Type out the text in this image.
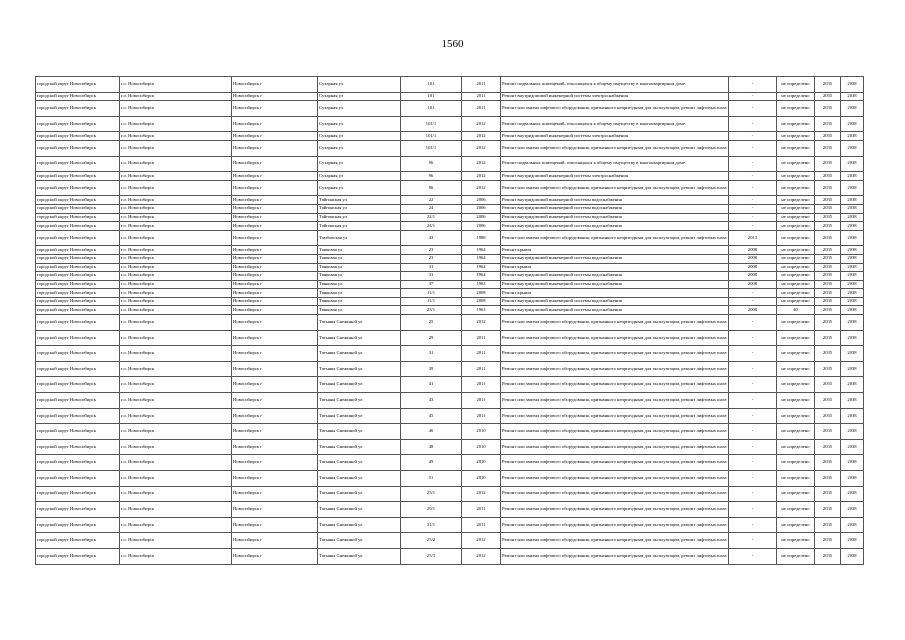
1560
городской округ Новосибирск	г.о. Новосибирск	Новосибирск г	Сухарная ул	101	2011	Ремонт подвальных помещений, относящихся к общему имуществу в многоквартирном доме	-	не определено	2035	2038
городской округ Новосибирск	г.о. Новосибирск	Новосибирск г	Сухарная ул	101	2011	Ремонт внутридомовой инженерной системы электроснабжения	-	не определено	2035	2038
городской округ Новосибирск	г.о. Новосибирск	Новосибирск г	Сухарная ул	101	2011	Ремонт или замена лифтового оборудования, признанного непригодным для эксплуатации, ремонт лифтовых шахт	-	не определено	2035	2038
городской округ Новосибирск	г.о. Новосибирск	Новосибирск г	Сухарная ул	101/1	2012	Ремонт подвальных помещений, относящихся к общему имуществу в многоквартирном доме	-	не определено	2035	2038
городской округ Новосибирск	г.о. Новосибирск	Новосибирск г	Сухарная ул	101/1	2012	Ремонт внутридомовой инженерной системы электроснабжения	-	не определено	2035	2038
городской округ Новосибирск	г.о. Новосибирск	Новосибирск г	Сухарная ул	101/1	2012	Ремонт или замена лифтового оборудования, признанного непригодным для эксплуатации, ремонт лифтовых шахт	-	не определено	2035	2038
городской округ Новосибирск	г.о. Новосибирск	Новосибирск г	Сухарная ул	96	2012	Ремонт подвальных помещений, относящихся к общему имуществу в многоквартирном доме	-	не определено	2035	2038
городской округ Новосибирск	г.о. Новосибирск	Новосибирск г	Сухарная ул	96	2012	Ремонт внутридомовой инженерной системы электроснабжения	-	не определено	2035	2038
городской округ Новосибирск	г.о. Новосибирск	Новосибирск г	Сухарная ул	96	2012	Ремонт или замена лифтового оборудования, признанного непригодным для эксплуатации, ремонт лифтовых шахт	-	не определено	2035	2038
городской округ Новосибирск	г.о. Новосибирск	Новосибирск г	Тайгинская ул	22	2006	Ремонт внутридомовой инженерной системы водоснабжения	-	не определено	2035	2038
городской округ Новосибирск	г.о. Новосибирск	Новосибирск г	Тайгинская ул	24	2006	Ремонт внутридомовой инженерной системы водоснабжения	-	не определено	2035	2038
городской округ Новосибирск	г.о. Новосибирск	Новосибирск г	Тайгинская ул	22/1	2006	Ремонт внутридомовой инженерной системы водоснабжения	-	не определено	2035	2038
городской округ Новосибирск	г.о. Новосибирск	Новосибирск г	Тайгинская ул	24/1	2006	Ремонт внутридомовой инженерной системы водоснабжения	-	не определено	2035	2038
городской округ Новосибирск	г.о. Новосибирск	Новосибирск г	Тамбовская ул	43	1988	Ремонт или замена лифтового оборудования, признанного непригодным для эксплуатации, ремонт лифтовых шахт	2013	не определено	2035	2038
городской округ Новосибирск	г.о. Новосибирск	Новосибирск г	Танковая ул	23	1964	Ремонт крыши	2008	не определено	2035	2038
городской округ Новосибирск	г.о. Новосибирск	Новосибирск г	Танковая ул	23	1964	Ремонт внутридомовой инженерной системы водоснабжения	2008	не определено	2035	2038
городской округ Новосибирск	г.о. Новосибирск	Новосибирск г	Танковая ул	31	1964	Ремонт крыши	2008	не определено	2035	2038
городской округ Новосибирск	г.о. Новосибирск	Новосибирск г	Танковая ул	31	1964	Ремонт внутридомовой инженерной системы водоснабжения	2008	не определено	2035	2038
городской округ Новосибирск	г.о. Новосибирск	Новосибирск г	Танковая ул	37	1963	Ремонт внутридомовой инженерной системы водоснабжения	2008	не определено	2035	2038
городской округ Новосибирск	г.о. Новосибирск	Новосибирск г	Танковая ул	11/1	2008	Ремонт крыши	-	не определено	2035	2038
городской округ Новосибирск	г.о. Новосибирск	Новосибирск г	Танковая ул	11/1	2008	Ремонт внутридомовой инженерной системы водоснабжения	-	не определено	2035	2038
городской округ Новосибирск	г.о. Новосибирск	Новосибирск г	Танковая ул	23/1	1963	Ремонт внутридомовой инженерной системы водоснабжения	2008	40	2035	2038
городской округ Новосибирск	г.о. Новосибирск	Новосибирск г	Татьяны Снежиной ул	25	2012	Ремонт или замена лифтового оборудования, признанного непригодным для эксплуатации, ремонт лифтовых шахт	-	не определено	2035	2038
городской округ Новосибирск	г.о. Новосибирск	Новосибирск г	Татьяны Снежиной ул	29	2011	Ремонт или замена лифтового оборудования, признанного непригодным для эксплуатации, ремонт лифтовых шахт	-	не определено	2035	2038
городской округ Новосибирск	г.о. Новосибирск	Новосибирск г	Татьяны Снежиной ул	31	2011	Ремонт или замена лифтового оборудования, признанного непригодным для эксплуатации, ремонт лифтовых шахт	-	не определено	2035	2038
городской округ Новосибирск	г.о. Новосибирск	Новосибирск г	Татьяны Снежиной ул	39	2011	Ремонт или замена лифтового оборудования, признанного непригодным для эксплуатации, ремонт лифтовых шахт	-	не определено	2035	2038
городской округ Новосибирск	г.о. Новосибирск	Новосибирск г	Татьяны Снежиной ул	41	2011	Ремонт или замена лифтового оборудования, признанного непригодным для эксплуатации, ремонт лифтовых шахт	-	не определено	2035	2038
городской округ Новосибирск	г.о. Новосибирск	Новосибирск г	Татьяны Снежиной ул	43	2011	Ремонт или замена лифтового оборудования, признанного непригодным для эксплуатации, ремонт лифтовых шахт	-	не определено	2035	2038
городской округ Новосибирск	г.о. Новосибирск	Новосибирск г	Татьяны Снежиной ул	45	2011	Ремонт или замена лифтового оборудования, признанного непригодным для эксплуатации, ремонт лифтовых шахт	-	не определено	2035	2038
городской округ Новосибирск	г.о. Новосибирск	Новосибирск г	Татьяны Снежиной ул	46	2010	Ремонт или замена лифтового оборудования, признанного непригодным для эксплуатации, ремонт лифтовых шахт	-	не определено	2035	2038
городской округ Новосибирск	г.о. Новосибирск	Новосибирск г	Татьяны Снежиной ул	48	2010	Ремонт или замена лифтового оборудования, признанного непригодным для эксплуатации, ремонт лифтовых шахт	-	не определено	2035	2038
городской округ Новосибирск	г.о. Новосибирск	Новосибирск г	Татьяны Снежиной ул	49	2010	Ремонт или замена лифтового оборудования, признанного непригодным для эксплуатации, ремонт лифтовых шахт	-	не определено	2035	2038
городской округ Новосибирск	г.о. Новосибирск	Новосибирск г	Татьяны Снежиной ул	51	2010	Ремонт или замена лифтового оборудования, признанного непригодным для эксплуатации, ремонт лифтовых шахт	-	не определено	2035	2038
городской округ Новосибирск	г.о. Новосибирск	Новосибирск г	Татьяны Снежиной ул	25/1	2012	Ремонт или замена лифтового оборудования, признанного непригодным для эксплуатации, ремонт лифтовых шахт	-	не определено	2035	2038
городской округ Новосибирск	г.о. Новосибирск	Новосибирск г	Татьяны Снежиной ул	29/1	2011	Ремонт или замена лифтового оборудования, признанного непригодным для эксплуатации, ремонт лифтовых шахт	-	не определено	2035	2038
городской округ Новосибирск	г.о. Новосибирск	Новосибирск г	Татьяны Снежиной ул	31/1	2011	Ремонт или замена лифтового оборудования, признанного непригодным для эксплуатации, ремонт лифтовых шахт	-	не определено	2035	2038
городской округ Новосибирск	г.о. Новосибирск	Новосибирск г	Татьяны Снежиной ул	25/2	2012	Ремонт или замена лифтового оборудования, признанного непригодным для эксплуатации, ремонт лифтовых шахт	-	не определено	2035	2038
городской округ Новосибирск	г.о. Новосибирск	Новосибирск г	Татьяны Снежиной ул	25/3	2012	Ремонт или замена лифтового оборудования, признанного непригодным для эксплуатации, ремонт лифтовых шахт	-	не определено	2035	2038
